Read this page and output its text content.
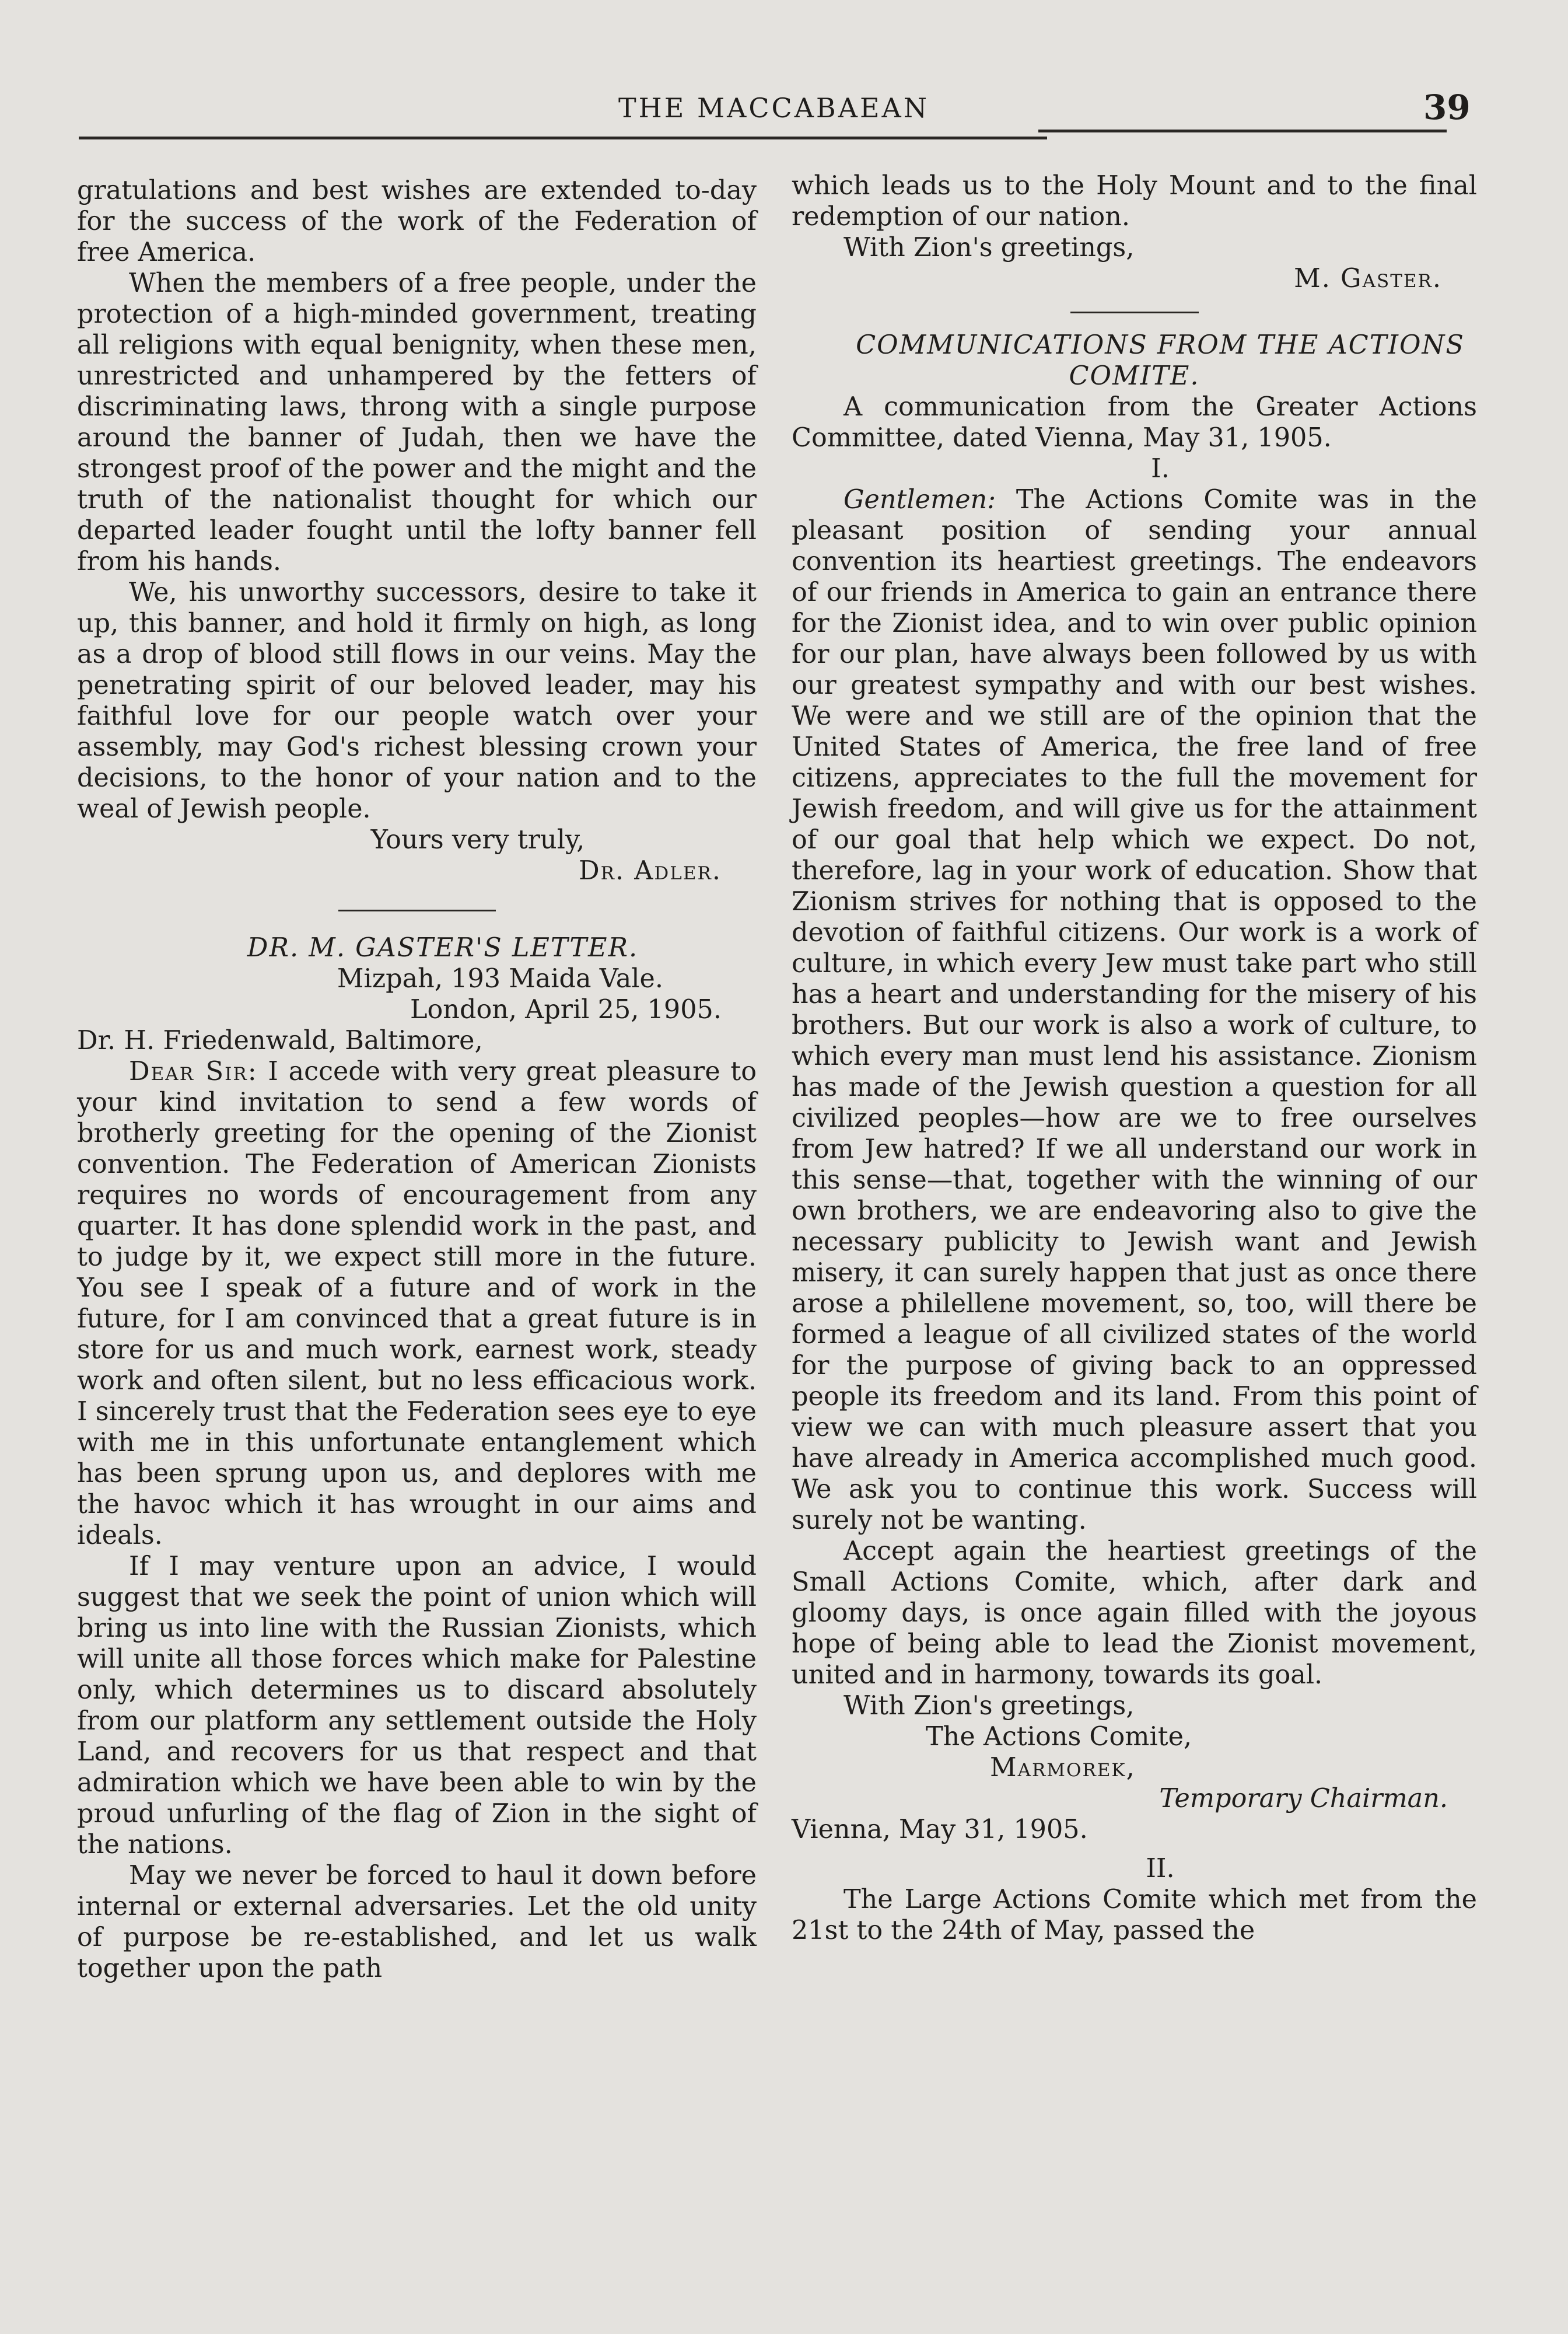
THE MACCABAEAN	39

gratulations and best wishes are extended to-day for the success of the work of the Federation of free America.

When the members of a free people, under the protection of a high-minded government, treating all religions with equal benignity, when these men, unrestricted and unhampered by the fetters of discriminating laws, throng with a single purpose around the banner of Judah, then we have the strongest proof of the power and the might and the truth of the nationalist thought for which our departed leader fought until the lofty banner fell from his hands.

We, his unworthy successors, desire to take it up, this banner, and hold it firmly on high, as long as a drop of blood still flows in our veins. May the penetrating spirit of our beloved leader, may his faithful love for our people watch over your assembly, may God's richest blessing crown your decisions, to the honor of your nation and to the weal of Jewish people.

Yours very truly,

Dr. Adler.

DR. M. GASTER'S LETTER.

Mizpah, 193 Maida Vale.

London, April 25, 1905.

Dr. H. Friedenwald, Baltimore,

Dear Sir: I accede with very great pleasure to your kind invitation to send a few words of brotherly greeting for the opening of the Zionist convention. The Federation of American Zionists requires no words of encouragement from any quarter. It has done splendid work in the past, and to judge by it, we expect still more in the future. You see I speak of a future and of work in the future, for I am convinced that a great future is in store for us and much work, earnest work, steady work and often silent, but no less efficacious work. I sincerely trust that the Federation sees eye to eye with me in this unfortunate entanglement which has been sprung upon us, and deplores with me the havoc which it has wrought in our aims and ideals.

If I may venture upon an advice, I would suggest that we seek the point of union which will bring us into line with the Russian Zionists, which will unite all those forces which make for Palestine only, which determines us to discard absolutely from our platform any settlement outside the Holy Land, and recovers for us that respect and that admiration which we have been able to win by the proud unfurling of the flag of Zion in the sight of the nations.

May we never be forced to haul it down before internal or external adversaries. Let the old unity of purpose be re-established, and let us walk together upon the path

which leads us to the Holy Mount and to the final redemption of our nation.

With Zion's greetings,

M. Gaster.

COMMUNICATIONS FROM THE ACTIONS COMITE.

A communication from the Greater Actions Committee, dated Vienna, May 31, 1905.

I.

Gentlemen: The Actions Comite was in the pleasant position of sending your annual convention its heartiest greetings. The endeavors of our friends in America to gain an entrance there for the Zionist idea, and to win over public opinion for our plan, have always been followed by us with our greatest sympathy and with our best wishes. We were and we still are of the opinion that the United States of America, the free land of free citizens, appreciates to the full the movement for Jewish freedom, and will give us for the attainment of our goal that help which we expect. Do not, therefore, lag in your work of education. Show that Zionism strives for nothing that is opposed to the devotion of faithful citizens. Our work is a work of culture, in which every Jew must take part who still has a heart and understanding for the misery of his brothers. But our work is also a work of culture, to which every man must lend his assistance. Zionism has made of the Jewish question a question for all civilized peoples—how are we to free ourselves from Jew hatred? If we all understand our work in this sense—that, together with the winning of our own brothers, we are endeavoring also to give the necessary publicity to Jewish want and Jewish misery, it can surely happen that just as once there arose a philellene movement, so, too, will there be formed a league of all civilized states of the world for the purpose of giving back to an oppressed people its freedom and its land. From this point of view we can with much pleasure assert that you have already in America accomplished much good. We ask you to continue this work. Success will surely not be wanting.

Accept again the heartiest greetings of the Small Actions Comite, which, after dark and gloomy days, is once again filled with the joyous hope of being able to lead the Zionist movement, united and in harmony, towards its goal.

With Zion's greetings,

The Actions Comite,

Marmorek,

Temporary Chairman.

Vienna, May 31, 1905.

II.

The Large Actions Comite which met from the 21st to the 24th of May, passed the
